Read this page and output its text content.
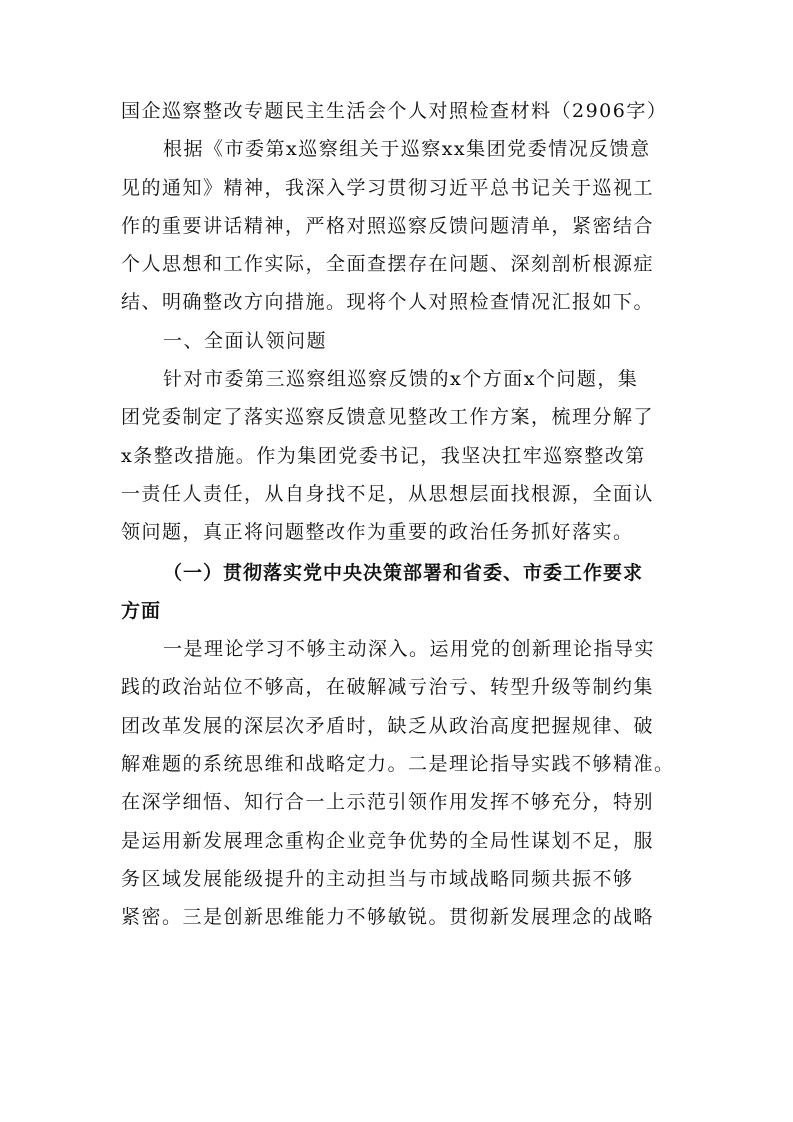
国企巡察整改专题民主生活会个人对照检查材料（2906字）
根据《市委第x巡察组关于巡察xx集团党委情况反馈意
见的通知》精神，我深入学习贯彻习近平总书记关于巡视工
作的重要讲话精神，严格对照巡察反馈问题清单，紧密结合
个人思想和工作实际，全面查摆存在问题、深刻剖析根源症
结、明确整改方向措施。现将个人对照检查情况汇报如下。
一、全面认领问题
针对市委第三巡察组巡察反馈的x个方面x个问题，集
团党委制定了落实巡察反馈意见整改工作方案，梳理分解了
x条整改措施。作为集团党委书记，我坚决扛牢巡察整改第
一责任人责任，从自身找不足，从思想层面找根源，全面认
领问题，真正将问题整改作为重要的政治任务抓好落实。
（一）贯彻落实党中央决策部署和省委、市委工作要求
方面
一是理论学习不够主动深入。运用党的创新理论指导实
践的政治站位不够高，在破解减亏治亏、转型升级等制约集
团改革发展的深层次矛盾时，缺乏从政治高度把握规律、破
解难题的系统思维和战略定力。二是理论指导实践不够精准。
在深学细悟、知行合一上示范引领作用发挥不够充分，特别
是运用新发展理念重构企业竞争优势的全局性谋划不足，服
务区域发展能级提升的主动担当与市域战略同频共振不够
紧密。三是创新思维能力不够敏锐。贯彻新发展理念的战略
